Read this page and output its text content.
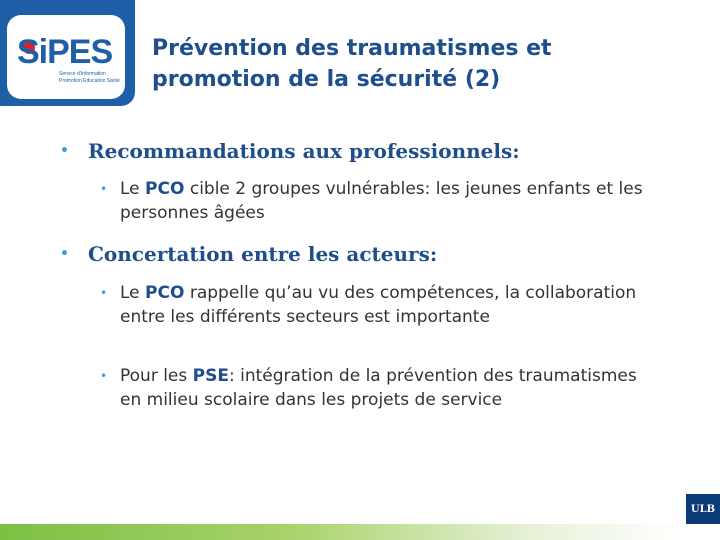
SiPES
Service d'Information
Promotion Education Santé
Prévention des traumatismes et
promotion de la sécurité (2)
• Recommandations aux professionnels:
• Le PCO cible 2 groupes vulnérables: les jeunes enfants et les personnes âgées
• Concertation entre les acteurs:
• Le PCO rappelle qu’au vu des compétences, la collaboration entre les différents secteurs est importante
• Pour les PSE: intégration de la prévention des traumatismes en milieu scolaire dans les projets de service
ULB
